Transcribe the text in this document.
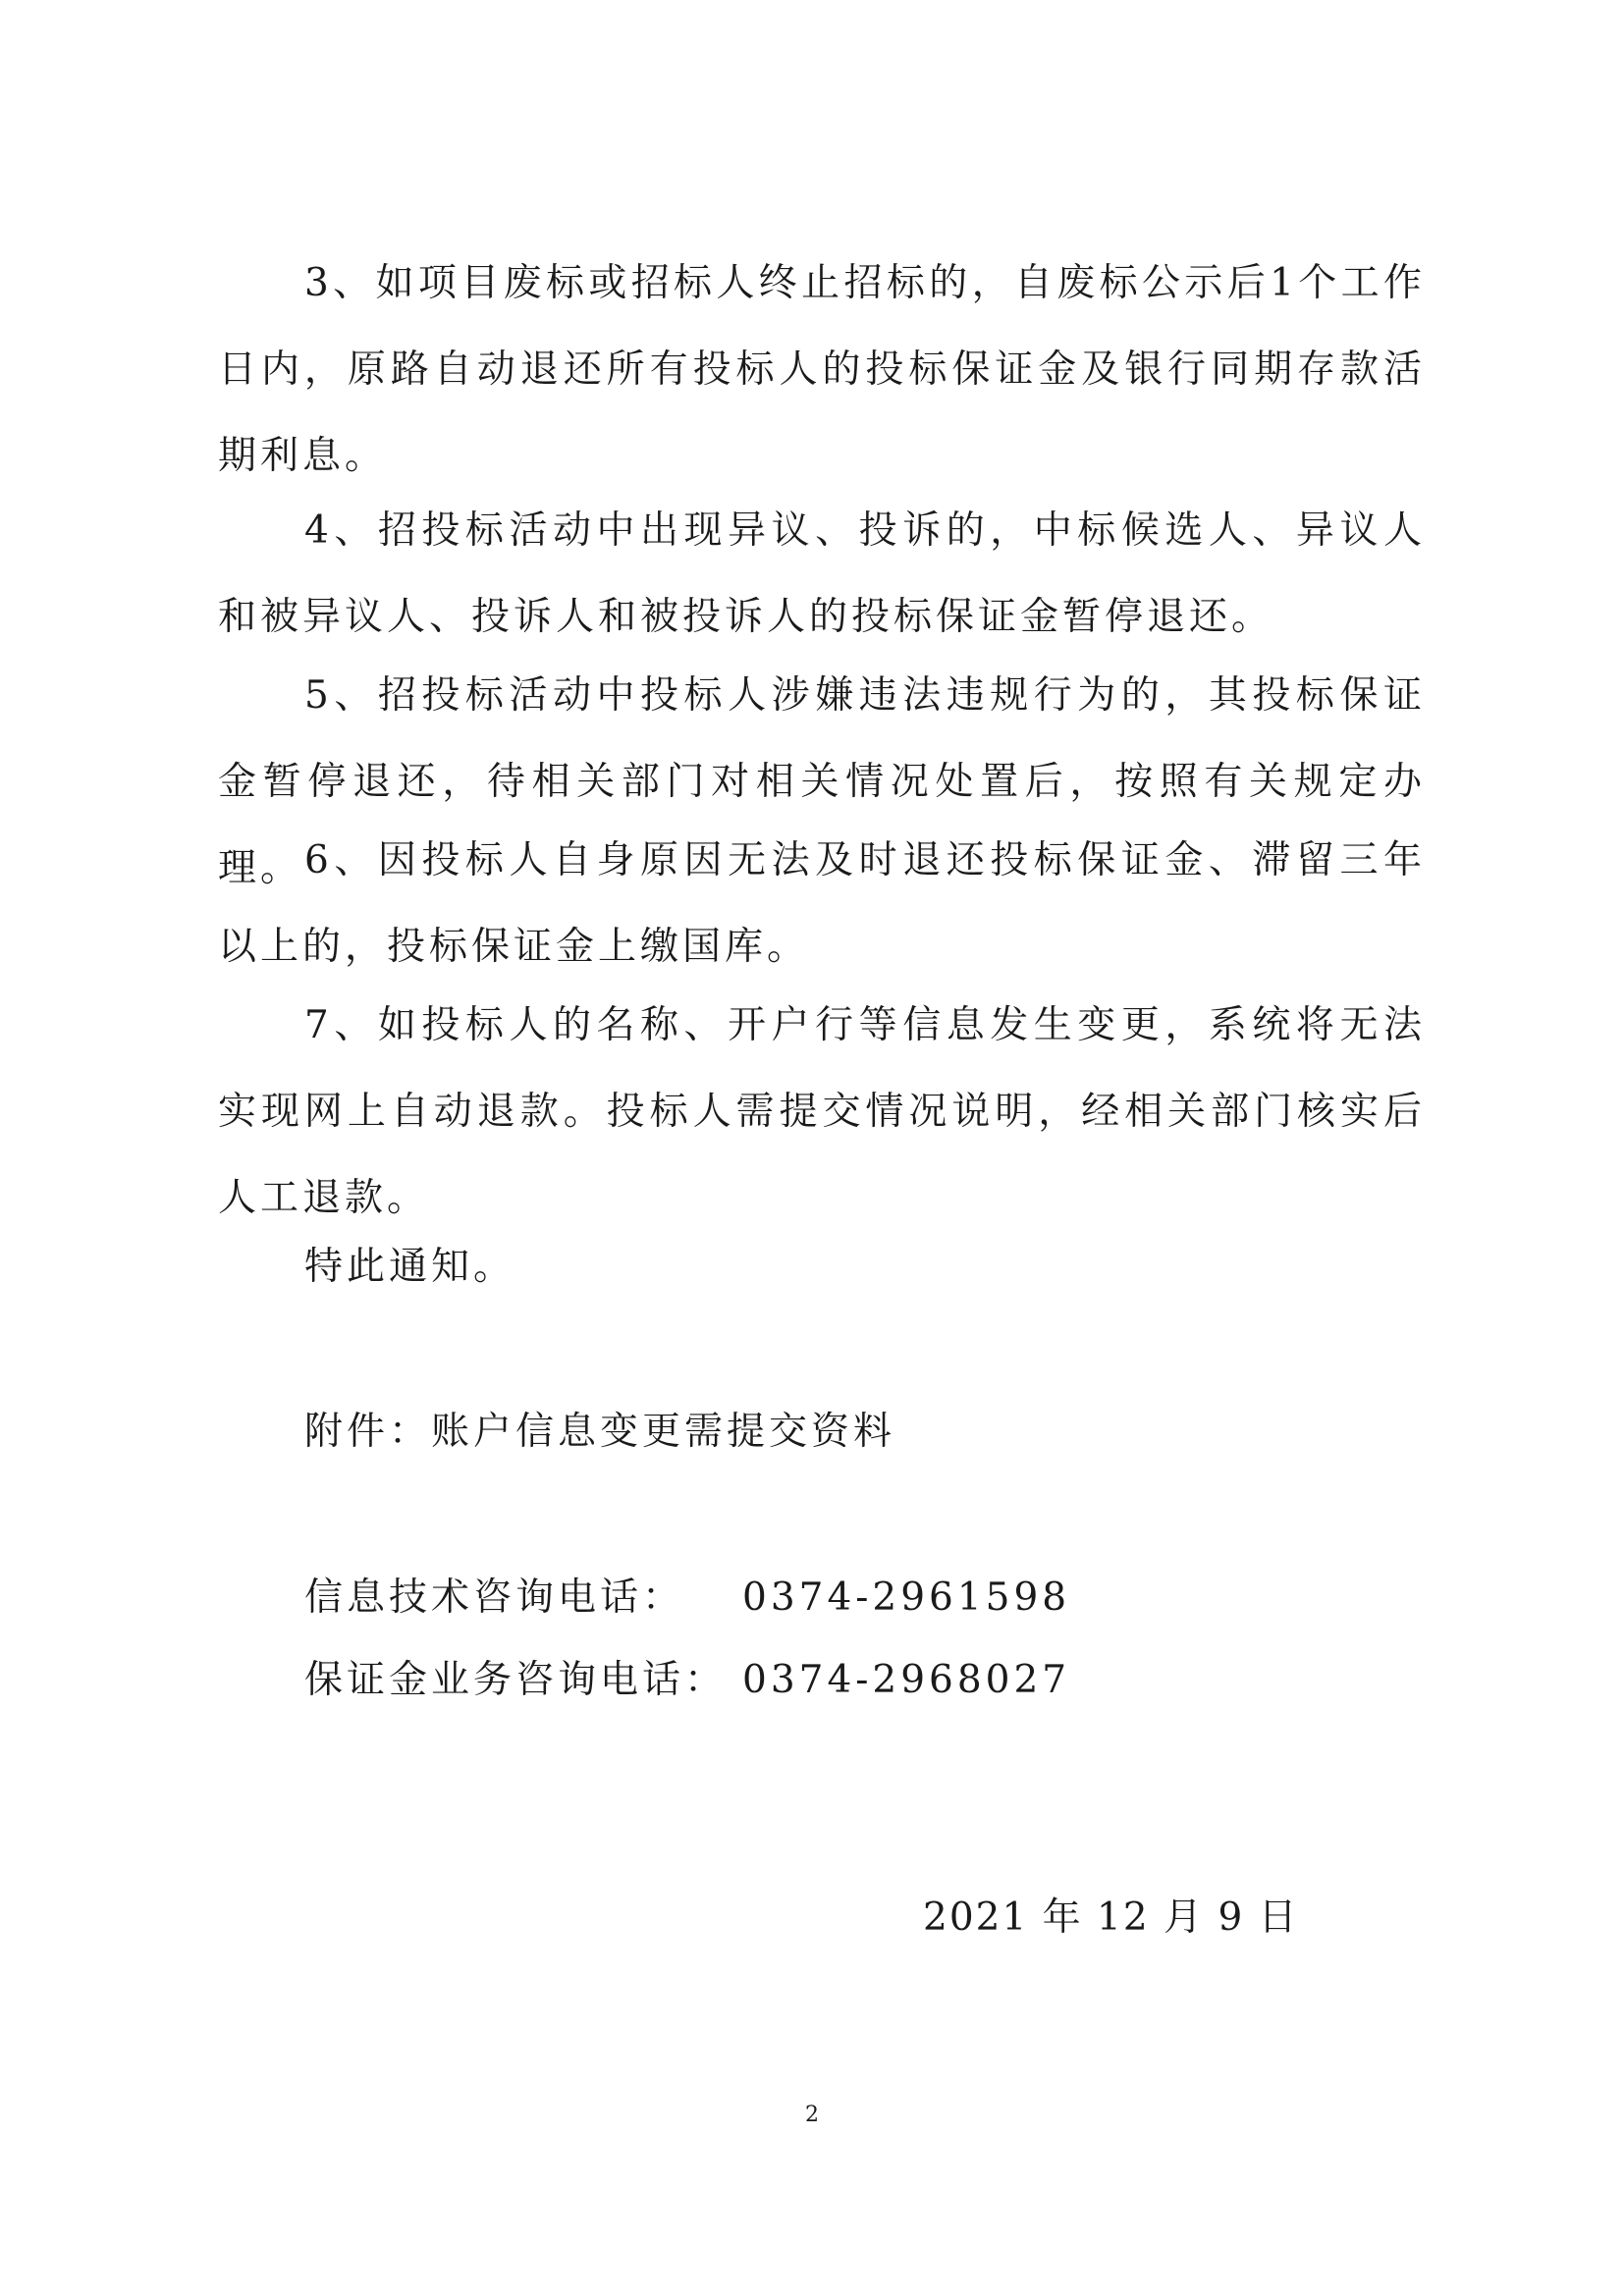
3、如项目废标或招标人终止招标的，自废标公示后1个工作日内，原路自动退还所有投标人的投标保证金及银行同期存款活期利息。

4、招投标活动中出现异议、投诉的，中标候选人、异议人和被异议人、投诉人和被投诉人的投标保证金暂停退还。

5、招投标活动中投标人涉嫌违法违规行为的，其投标保证金暂停退还，待相关部门对相关情况处置后，按照有关规定办理。 6、因投标人自身原因无法及时退还投标保证金、滞留三年以上的，投标保证金上缴国库。

7、如投标人的名称、开户行等信息发生变更，系统将无法实现网上自动退款。投标人需提交情况说明，经相关部门核实后人工退款。

特此通知。

附件：账户信息变更需提交资料

信息技术咨询电话： 0374-2961598
保证金业务咨询电话： 0374-2968027

2021 年 12 月 9 日

2
